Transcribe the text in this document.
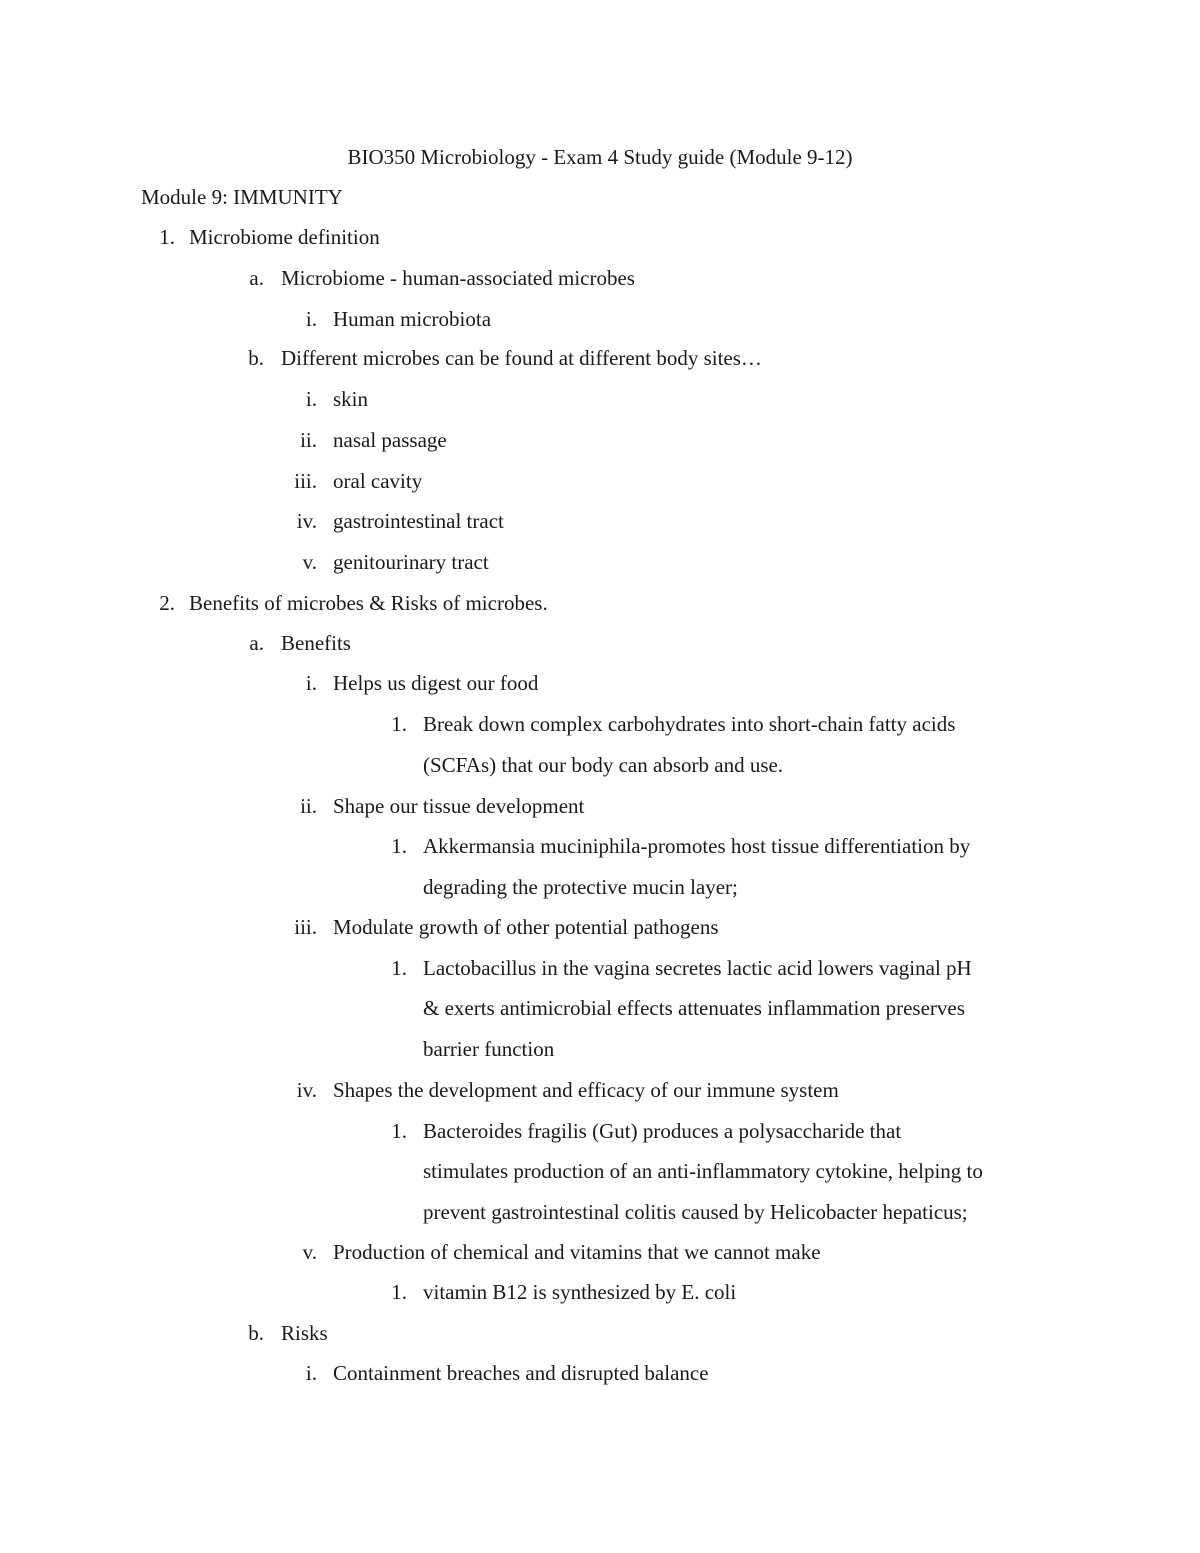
BIO350 Microbiology - Exam 4 Study guide (Module 9-12)
Module 9: IMMUNITY
1. Microbiome definition
a. Microbiome - human-associated microbes
i. Human microbiota
b. Different microbes can be found at different body sites…
i. skin
ii. nasal passage
iii. oral cavity
iv. gastrointestinal tract
v. genitourinary tract
2. Benefits of microbes & Risks of microbes.
a. Benefits
i. Helps us digest our food
1. Break down complex carbohydrates into short-chain fatty acids
(SCFAs) that our body can absorb and use.
ii. Shape our tissue development
1. Akkermansia muciniphila-promotes host tissue differentiation by
degrading the protective mucin layer;
iii. Modulate growth of other potential pathogens
1. Lactobacillus in the vagina secretes lactic acid lowers vaginal pH
& exerts antimicrobial effects attenuates inflammation preserves
barrier function
iv. Shapes the development and efficacy of our immune system
1. Bacteroides fragilis (Gut) produces a polysaccharide that
stimulates production of an anti-inflammatory cytokine, helping to
prevent gastrointestinal colitis caused by Helicobacter hepaticus;
v. Production of chemical and vitamins that we cannot make
1. vitamin B12 is synthesized by E. coli
b. Risks
i. Containment breaches and disrupted balance
